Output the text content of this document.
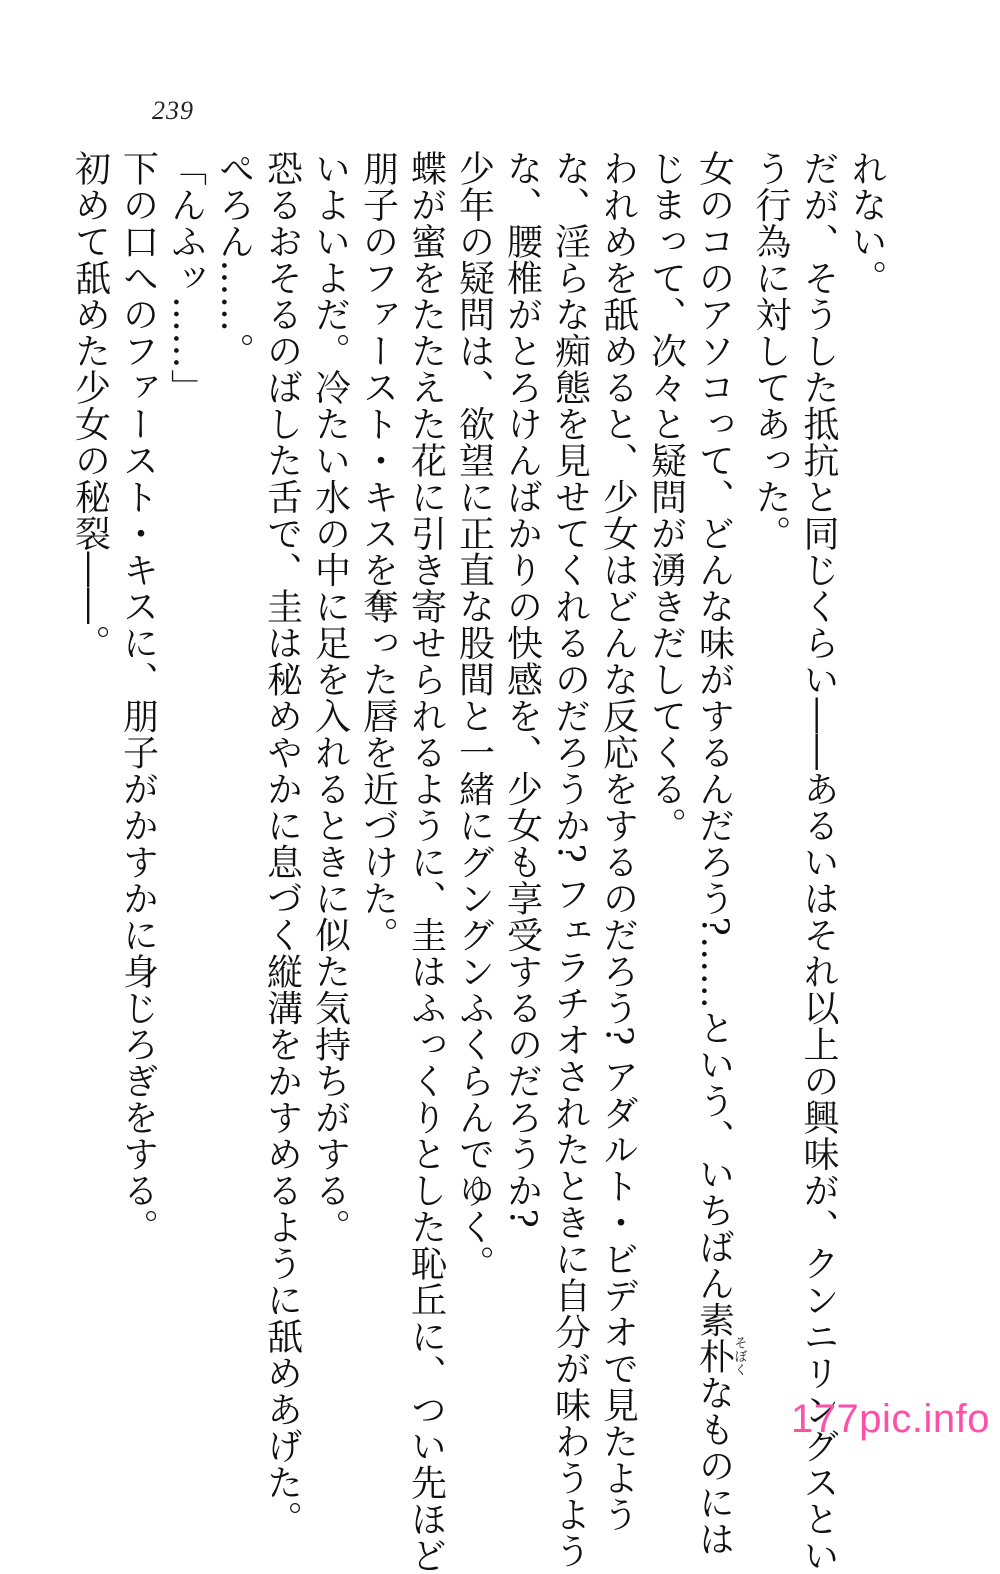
239

れない。

だが、そうした抵抗と同じくらい――あるいはそれ以上の興味が、クンニリングスとい

う行為に対してあった。

女のコのアソコって、どんな味がするんだろう?……という、いちばん素朴そぼくなものには

じまって、次々と疑問が湧きだしてくる。

われめを舐めると、少女はどんな反応をするのだろう? アダルト・ビデオで見たよう

な、淫らな痴態を見せてくれるのだろうか? フェラチオされたときに自分が味わうよう

な、腰椎がとろけんばかりの快感を、少女も享受するのだろうか?

少年の疑問は、欲望に正直な股間と一緒にグングンふくらんでゆく。

蝶が蜜をたたえた花に引き寄せられるように、圭はふっくりとした恥丘に、つい先ほど

朋子のファースト・キスを奪った唇を近づけた。

いよいよだ。冷たい水の中に足を入れるときに似た気持ちがする。

恐るおそるのばした舌で、圭は秘めやかに息づく縦溝をかすめるように舐めあげた。

ぺろん……。

「んふッ……」

下の口へのファースト・キスに、朋子がかすかに身じろぎをする。

初めて舐めた少女の秘裂――。

177pic.info
